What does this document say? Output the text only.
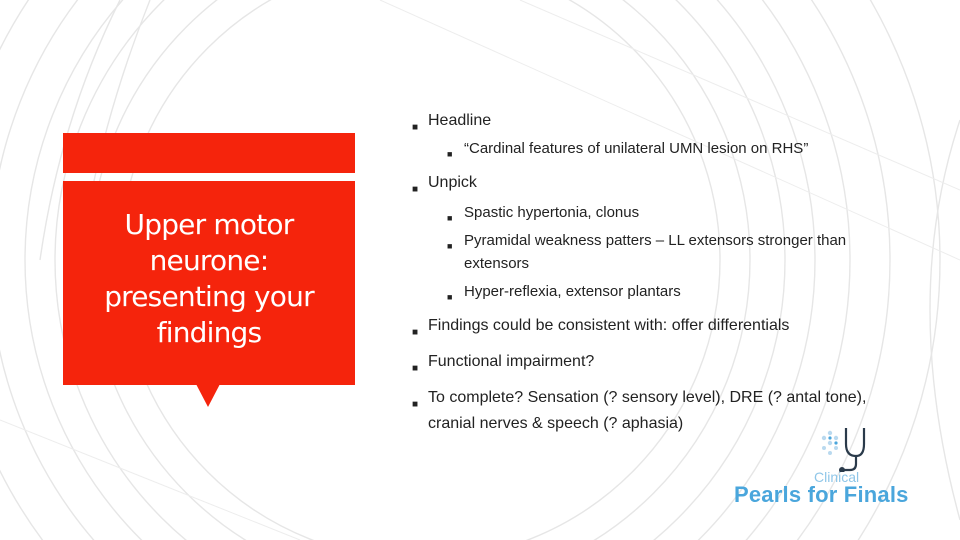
Upper motor neurone: presenting your findings
■ Headline
■ “Cardinal features of unilateral UMN lesion on RHS”
■ Unpick
■ Spastic hypertonia, clonus
■ Pyramidal weakness patters – LL extensors stronger than extensors
■ Hyper-reflexia, extensor plantars
■ Findings could be consistent with: offer differentials
■ Functional impairment?
■ To complete? Sensation (? sensory level), DRE (? antal tone), cranial nerves & speech (? aphasia)
Clinical
Pearls for Finals
